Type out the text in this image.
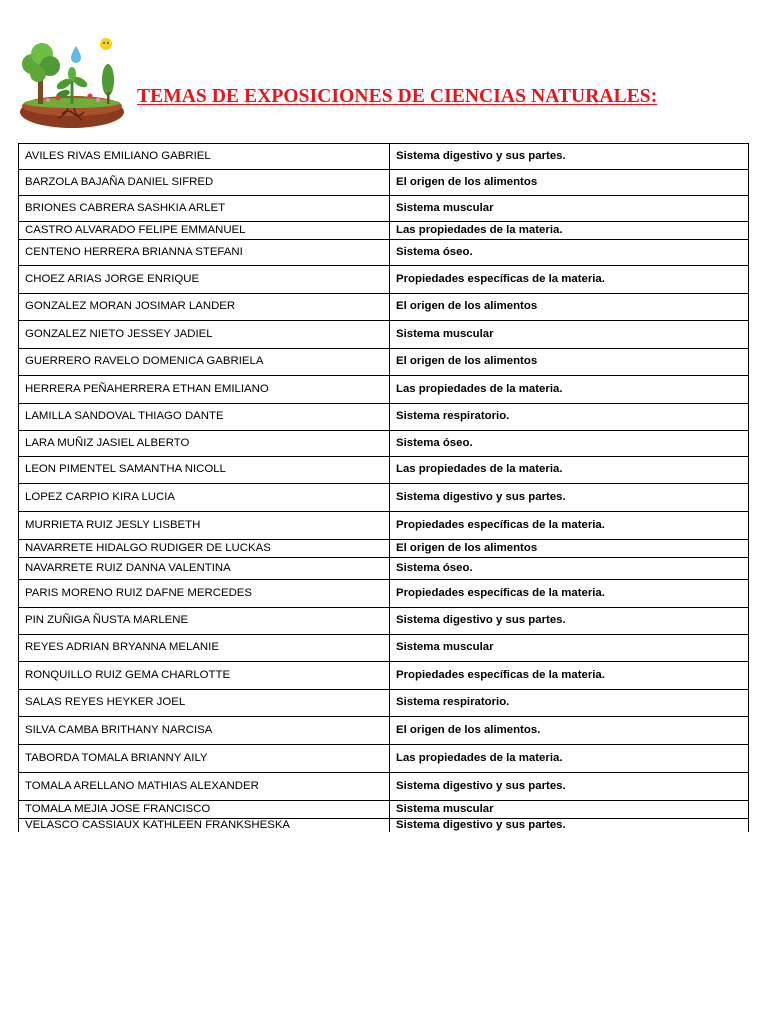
TEMAS DE EXPOSICIONES DE CIENCIAS NATURALES:
AVILES RIVAS EMILIANO GABRIEL	Sistema digestivo y sus partes.
BARZOLA BAJAÑA DANIEL SIFRED	El origen de los alimentos
BRIONES CABRERA SASHKIA ARLET	Sistema muscular
CASTRO ALVARADO FELIPE EMMANUEL	Las propiedades de la materia.
CENTENO HERRERA BRIANNA STEFANI	Sistema óseo.
CHOEZ ARIAS JORGE ENRIQUE	Propiedades específicas de la materia.
GONZALEZ MORAN JOSIMAR LANDER	El origen de los alimentos
GONZALEZ NIETO JESSEY JADIEL	Sistema muscular
GUERRERO RAVELO DOMENICA GABRIELA	El origen de los alimentos
HERRERA PEÑAHERRERA ETHAN EMILIANO	Las propiedades de la materia.
LAMILLA SANDOVAL THIAGO DANTE	Sistema respiratorio.
LARA MUÑIZ JASIEL ALBERTO	Sistema óseo.
LEON PIMENTEL SAMANTHA NICOLL	Las propiedades de la materia.
LOPEZ CARPIO KIRA LUCIA	Sistema digestivo y sus partes.
MURRIETA RUIZ JESLY LISBETH	Propiedades específicas de la materia.
NAVARRETE HIDALGO RUDIGER DE LUCKAS	El origen de los alimentos
NAVARRETE RUIZ DANNA VALENTINA	Sistema óseo.
PARIS MORENO RUIZ DAFNE MERCEDES	Propiedades específicas de la materia.
PIN ZUÑIGA ÑUSTA MARLENE	Sistema digestivo y sus partes.
REYES ADRIAN BRYANNA MELANIE	Sistema muscular
RONQUILLO RUIZ GEMA CHARLOTTE	Propiedades específicas de la materia.
SALAS REYES HEYKER JOEL	Sistema respiratorio.
SILVA CAMBA BRITHANY NARCISA	El origen de los alimentos.
TABORDA TOMALA BRIANNY AILY	Las propiedades de la materia.
TOMALA ARELLANO MATHIAS ALEXANDER	Sistema digestivo y sus partes.
TOMALA MEJIA JOSE FRANCISCO	Sistema muscular
VELASCO CASSIAUX KATHLEEN FRANKSHESKA	Sistema digestivo y sus partes.
